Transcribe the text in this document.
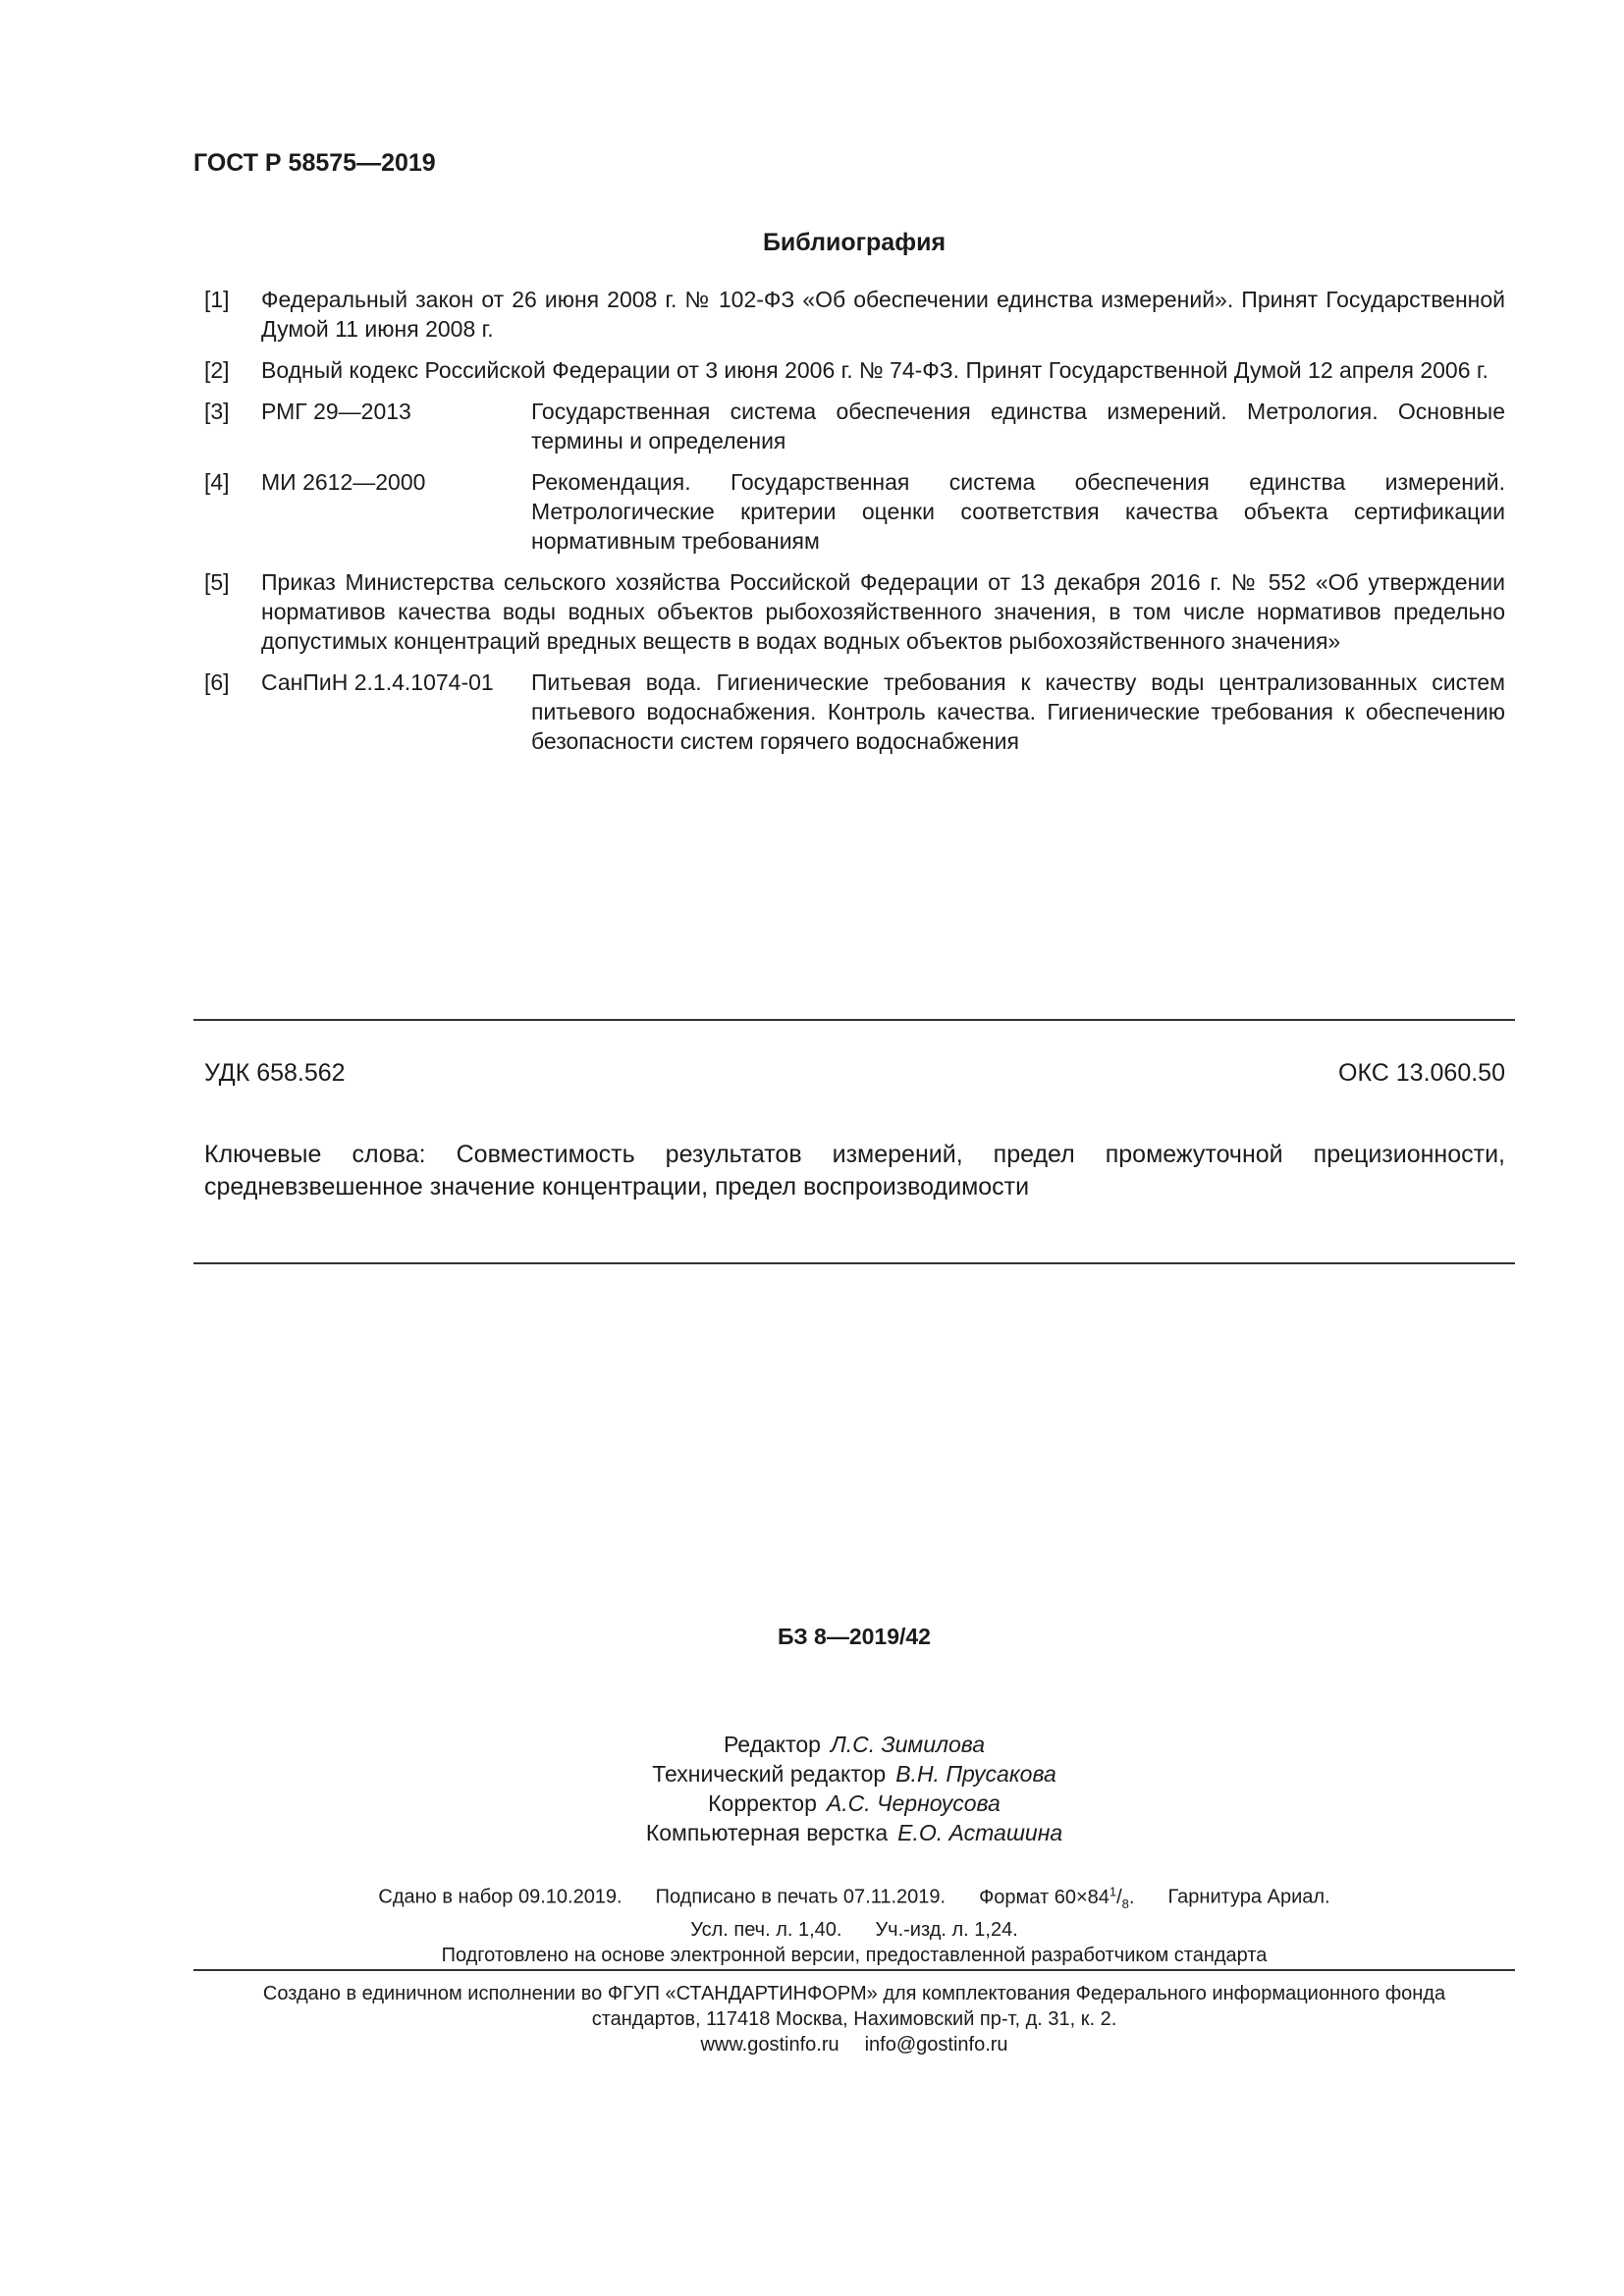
ГОСТ Р 58575—2019
Библиография
[1] Федеральный закон от 26 июня 2008 г. № 102-ФЗ «Об обеспечении единства измерений». Принят Государственной Думой 11 июня 2008 г.
[2] Водный кодекс Российской Федерации от 3 июня 2006 г. № 74-ФЗ. Принят Государственной Думой 12 апреля 2006 г.
[3] РМГ 29—2013	Государственная система обеспечения единства измерений. Метрология. Основные термины и определения
[4] МИ 2612—2000	Рекомендация. Государственная система обеспечения единства измерений. Метрологические критерии оценки соответствия качества объекта сертификации нормативным требованиям
[5] Приказ Министерства сельского хозяйства Российской Федерации от 13 декабря 2016 г. № 552 «Об утверждении нормативов качества воды водных объектов рыбохозяйственного значения, в том числе нормативов предельно допустимых концентраций вредных веществ в водах водных объектов рыбохозяйственного значения»
[6] СанПиН 2.1.4.1074-01 Питьевая вода. Гигиенические требования к качеству воды централизованных систем питьевого водоснабжения. Контроль качества. Гигиенические требования к обеспечению безопасности систем горячего водоснабжения
УДК 658.562	ОКС 13.060.50
Ключевые слова: Совместимость результатов измерений, предел промежуточной прецизионности, средневзвешенное значение концентрации, предел воспроизводимости
БЗ 8—2019/42
Редактор Л.С. Зимилова
Технический редактор В.Н. Прусакова
Корректор А.С. Черноусова
Компьютерная верстка Е.О. Асташина
Сдано в набор 09.10.2019. Подписано в печать 07.11.2019. Формат $60\times 84^1/_8$. Гарнитура Ариал.
Усл. печ. л. 1,40. Уч.-изд. л. 1,24.
Подготовлено на основе электронной версии, предоставленной разработчиком стандарта
Создано в единичном исполнении во ФГУП «СТАНДАРТИНФОРМ» для комплектования Федерального информационного фонда
стандартов, 117418 Москва, Нахимовский пр-т, д. 31, к. 2.
www.gostinfo.ru info@gostinfo.ru
